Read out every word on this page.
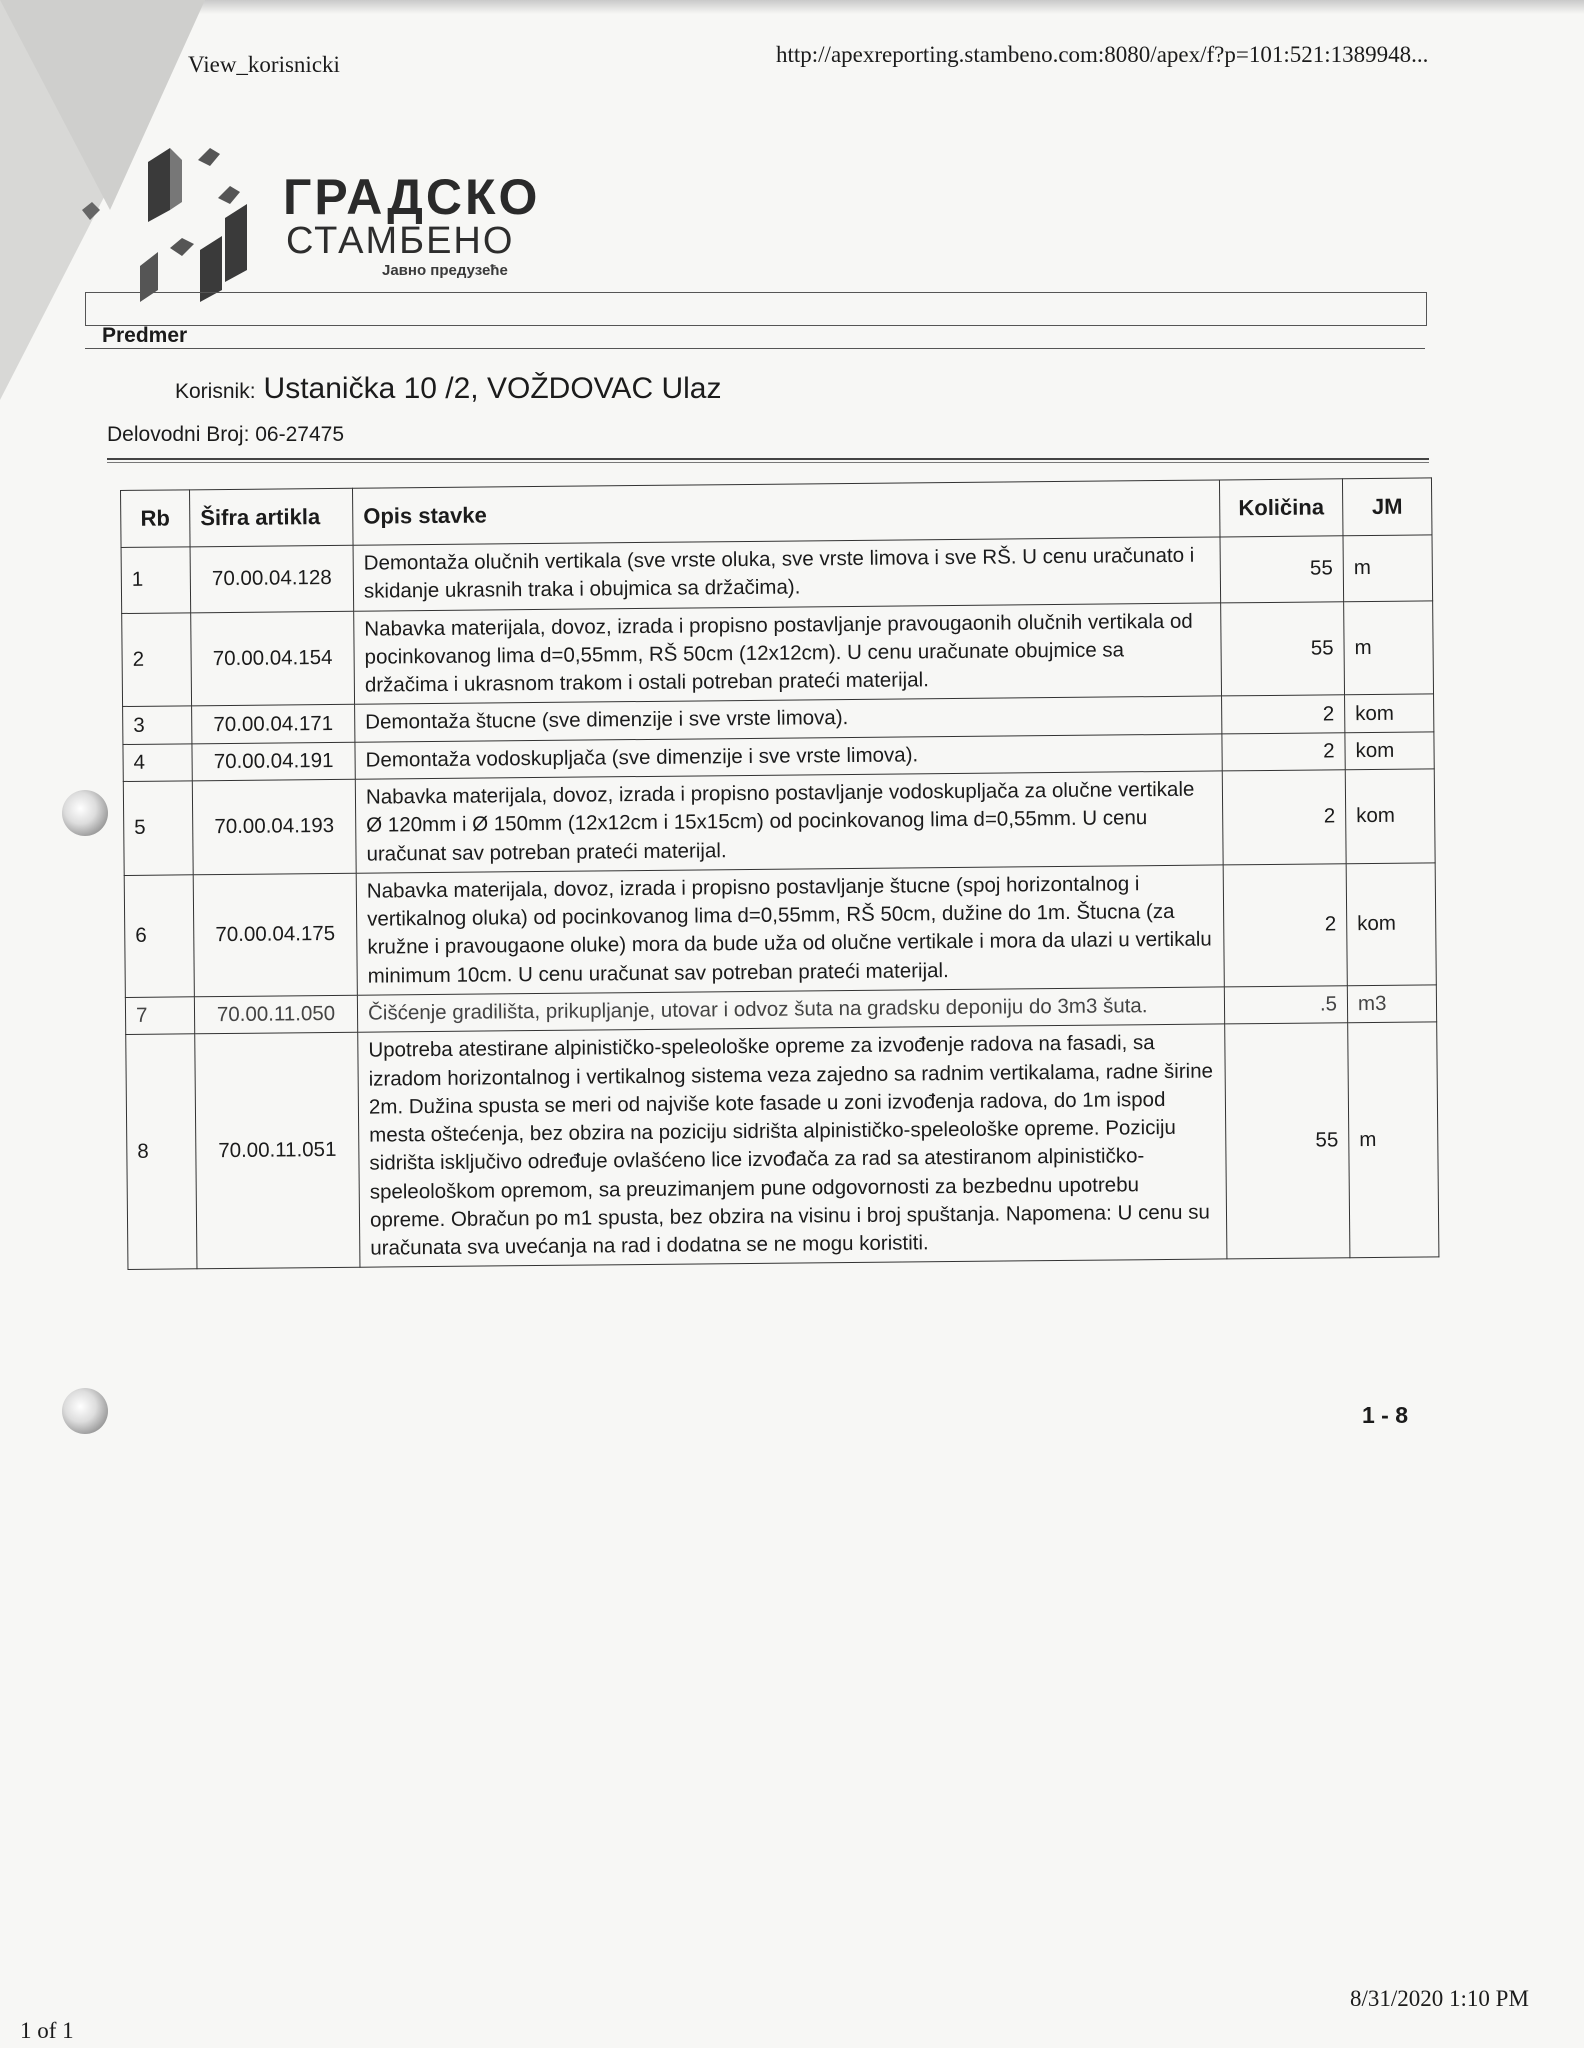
View_korisnicki	http://apexreporting.stambeno.com:8080/apex/f?p=101:521:1389948...
ГРАДСКО
СТАМБЕНО
Јавно предузеће
Predmer
Korisnik: Ustanička 10 /2, VOŽDOVAC Ulaz
Delovodni Broj: 06-27475
Rb	Šifra artikla	Opis stavke	Količina	JM
1	70.00.04.128	Demontaža olučnih vertikala (sve vrste oluka, sve vrste limova i sve RŠ. U cenu uračunato i skidanje ukrasnih traka i obujmica sa držačima).	55	m
2	70.00.04.154	Nabavka materijala, dovoz, izrada i propisno postavljanje pravougaonih olučnih vertikala od pocinkovanog lima d=0,55mm, RŠ 50cm (12x12cm). U cenu uračunate obujmice sa držačima i ukrasnom trakom i ostali potreban prateći materijal.	55	m
3	70.00.04.171	Demontaža štucne (sve dimenzije i sve vrste limova).	2	kom
4	70.00.04.191	Demontaža vodoskupljača (sve dimenzije i sve vrste limova).	2	kom
5	70.00.04.193	Nabavka materijala, dovoz, izrada i propisno postavljanje vodoskupljača za olučne vertikale Ø 120mm i Ø 150mm (12x12cm i 15x15cm) od pocinkovanog lima d=0,55mm. U cenu uračunat sav potreban prateći materijal.	2	kom
6	70.00.04.175	Nabavka materijala, dovoz, izrada i propisno postavljanje štucne (spoj horizontalnog i vertikalnog oluka) od pocinkovanog lima d=0,55mm, RŠ 50cm, dužine do 1m. Štucna (za kružne i pravougaone oluke) mora da bude uža od olučne vertikale i mora da ulazi u vertikalu minimum 10cm. U cenu uračunat sav potreban prateći materijal.	2	kom
7	70.00.11.050	Čišćenje gradilišta, prikupljanje, utovar i odvoz šuta na gradsku deponiju do 3m3 šuta.	.5	m3
8	70.00.11.051	Upotreba atestirane alpinističko-speleološke opreme za izvođenje radova na fasadi, sa izradom horizontalnog i vertikalnog sistema veza zajedno sa radnim vertikalama, radne širine 2m. Dužina spusta se meri od najviše kote fasade u zoni izvođenja radova, do 1m ispod mesta oštećenja, bez obzira na poziciju sidrišta alpinističko-speleološke opreme. Poziciju sidrišta isključivo određuje ovlašćeno lice izvođača za rad sa atestiranom alpinističko-speleološkom opremom, sa preuzimanjem pune odgovornosti za bezbednu upotrebu opreme. Obračun po m1 spusta, bez obzira na visinu i broj spuštanja. Napomena: U cenu su uračunata sva uvećanja na rad i dodatna se ne mogu koristiti.	55	m
1 - 8
8/31/2020 1:10 PM
1 of 1
